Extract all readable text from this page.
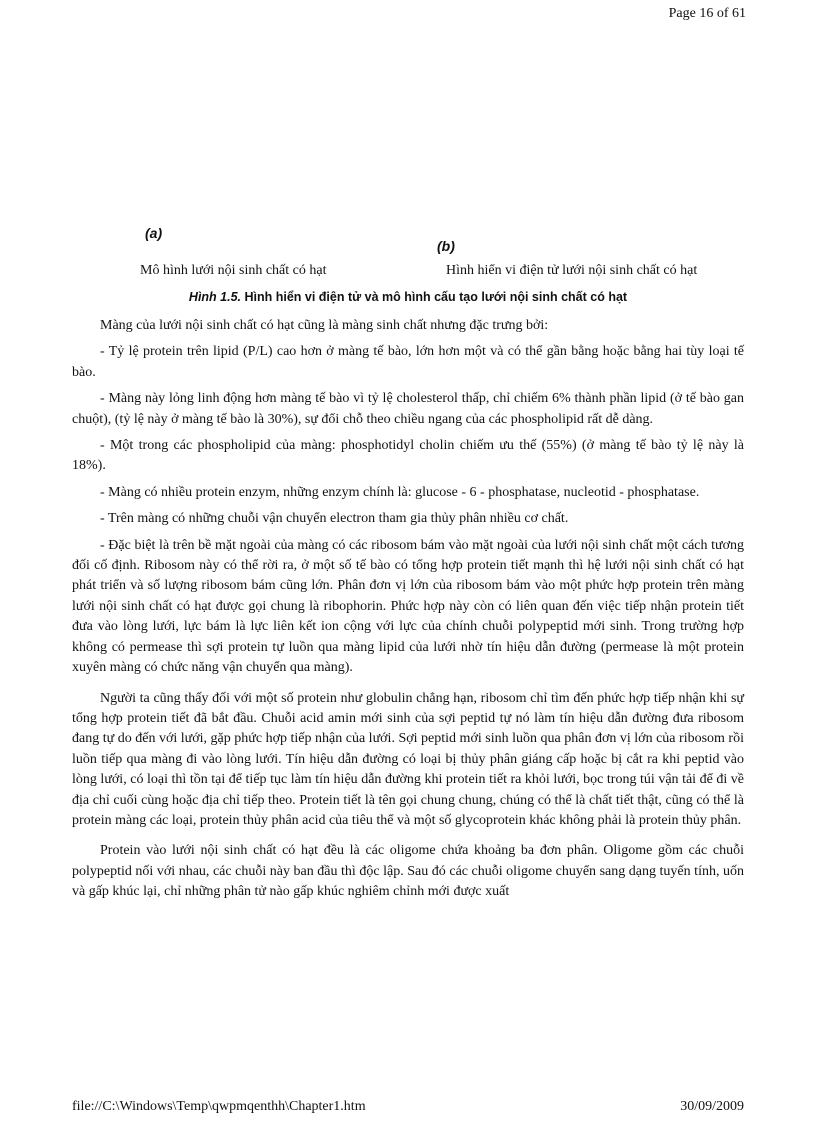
Page 16 of 61
(a)
(b)
Mô hình lưới nội sinh chất có hạt	Hình hiển vi điện tử lưới nội sinh chất có hạt
Hình 1.5. Hình hiển vi điện tử và mô hình cấu tạo lưới nội sinh chất có hạt

Màng của lưới nội sinh chất có hạt cũng là màng sinh chất nhưng đặc trưng bởi:

- Tỷ lệ protein trên lipid (P/L) cao hơn ở màng tế bào, lớn hơn một và có thể gần bằng hoặc bằng hai tùy loại tế bào.

- Màng này lỏng linh động hơn màng tế bào vì tỷ lệ cholesterol thấp, chỉ chiếm 6% thành phần lipid (ở tế bào gan chuột), (tỷ lệ này ở màng tế bào là 30%), sự đổi chỗ theo chiều ngang của các phospholipid rất dễ dàng.

- Một trong các phospholipid của màng: phosphotidyl cholin chiếm ưu thế (55%) (ở màng tế bào tỷ lệ này là 18%).

- Màng có nhiều protein enzym, những enzym chính là: glucose - 6 - phosphatase, nucleotid - phosphatase.

- Trên màng có những chuỗi vận chuyển electron tham gia thủy phân nhiều cơ chất.

- Đặc biệt là trên bề mặt ngoài của màng có các ribosom bám vào mặt ngoài của lưới nội sinh chất một cách tương đối cố định. Ribosom này có thể rời ra, ở một số tế bào có tổng hợp protein tiết mạnh thì hệ lưới nội sinh chất có hạt phát triển và số lượng ribosom bám cũng lớn. Phân đơn vị lớn của ribosom bám vào một phức hợp protein trên màng lưới nội sinh chất có hạt được gọi chung là ribophorin. Phức hợp này còn có liên quan đến việc tiếp nhận protein tiết đưa vào lòng lưới, lực bám là lực liên kết ion cộng với lực của chính chuỗi polypeptid mới sinh. Trong trường hợp không có permease thì sợi protein tự luồn qua màng lipid của lưới nhờ tín hiệu dẫn đường (permease là một protein xuyên màng có chức năng vận chuyển qua màng).

Người ta cũng thấy đối với một số protein như globulin chẳng hạn, ribosom chỉ tìm đến phức hợp tiếp nhận khi sự tổng hợp protein tiết đã bắt đầu. Chuỗi acid amin mới sinh của sợi peptid tự nó làm tín hiệu dẫn đường đưa ribosom đang tự do đến với lưới, gặp phức hợp tiếp nhận của lưới. Sợi peptid mới sinh luồn qua phân đơn vị lớn của ribosom rồi luồn tiếp qua màng đi vào lòng lưới. Tín hiệu dẫn đường có loại bị thủy phân giáng cấp hoặc bị cắt ra khi peptid vào lòng lưới, có loại thì tồn tại để tiếp tục làm tín hiệu dẫn đường khi protein tiết ra khỏi lưới, bọc trong túi vận tải để đi về địa chỉ cuối cùng hoặc địa chỉ tiếp theo. Protein tiết là tên gọi chung chung, chúng có thể là chất tiết thật, cũng có thể là protein màng các loại, protein thủy phân acid của tiêu thể và một số glycoprotein khác không phải là protein thủy phân.

Protein vào lưới nội sinh chất có hạt đều là các oligome chứa khoảng ba đơn phân. Oligome gồm các chuỗi polypeptid nối với nhau, các chuỗi này ban đầu thì độc lập. Sau đó các chuỗi oligome chuyển sang dạng tuyến tính, uốn và gấp khúc lại, chỉ những phân tử nào gấp khúc nghiêm chỉnh mới được xuất

file://C:\Windows\Temp\qwpmqenthh\Chapter1.htm	30/09/2009
